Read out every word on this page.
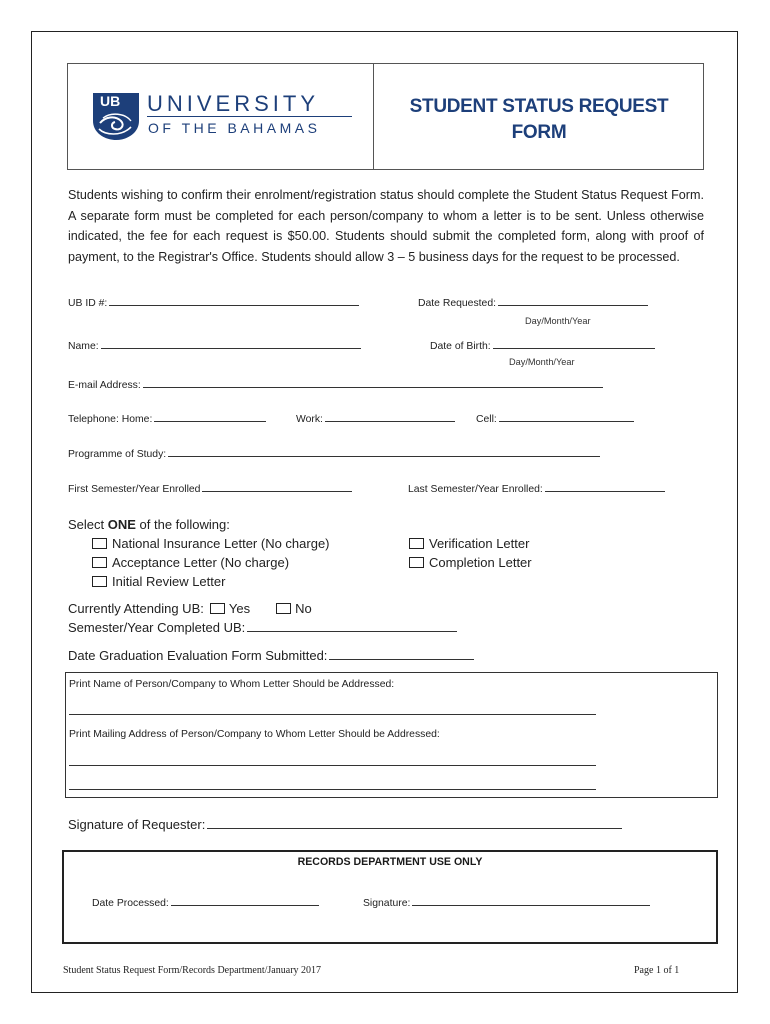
UB UNIVERSITY
OF THE BAHAMAS
STUDENT STATUS REQUEST
FORM
Students wishing to confirm their enrolment/registration status should complete the Student Status Request Form. A separate form must be completed for each person/company to whom a letter is to be sent. Unless otherwise indicated, the fee for each request is $50.00. Students should submit the completed form, along with proof of payment, to the Registrar's Office. Students should allow 3 – 5 business days for the request to be processed.
UB ID #:	Date Requested:
Day/Month/Year
Name:	Date of Birth:
Day/Month/Year
E-mail Address:
Telephone: Home:	Work:	Cell:
Programme of Study:
First Semester/Year Enrolled	Last Semester/Year Enrolled:
Select ONE of the following:
National Insurance Letter (No charge)
Acceptance Letter (No charge)
Initial Review Letter
Verification Letter
Completion Letter
Currently Attending UB: Yes	No
Semester/Year Completed UB:
Date Graduation Evaluation Form Submitted:
Print Name of Person/Company to Whom Letter Should be Addressed:
Print Mailing Address of Person/Company to Whom Letter Should be Addressed:
Signature of Requester:
RECORDS DEPARTMENT USE ONLY
Date Processed:	Signature:
Student Status Request Form/Records Department/January 2017	Page 1 of 1
